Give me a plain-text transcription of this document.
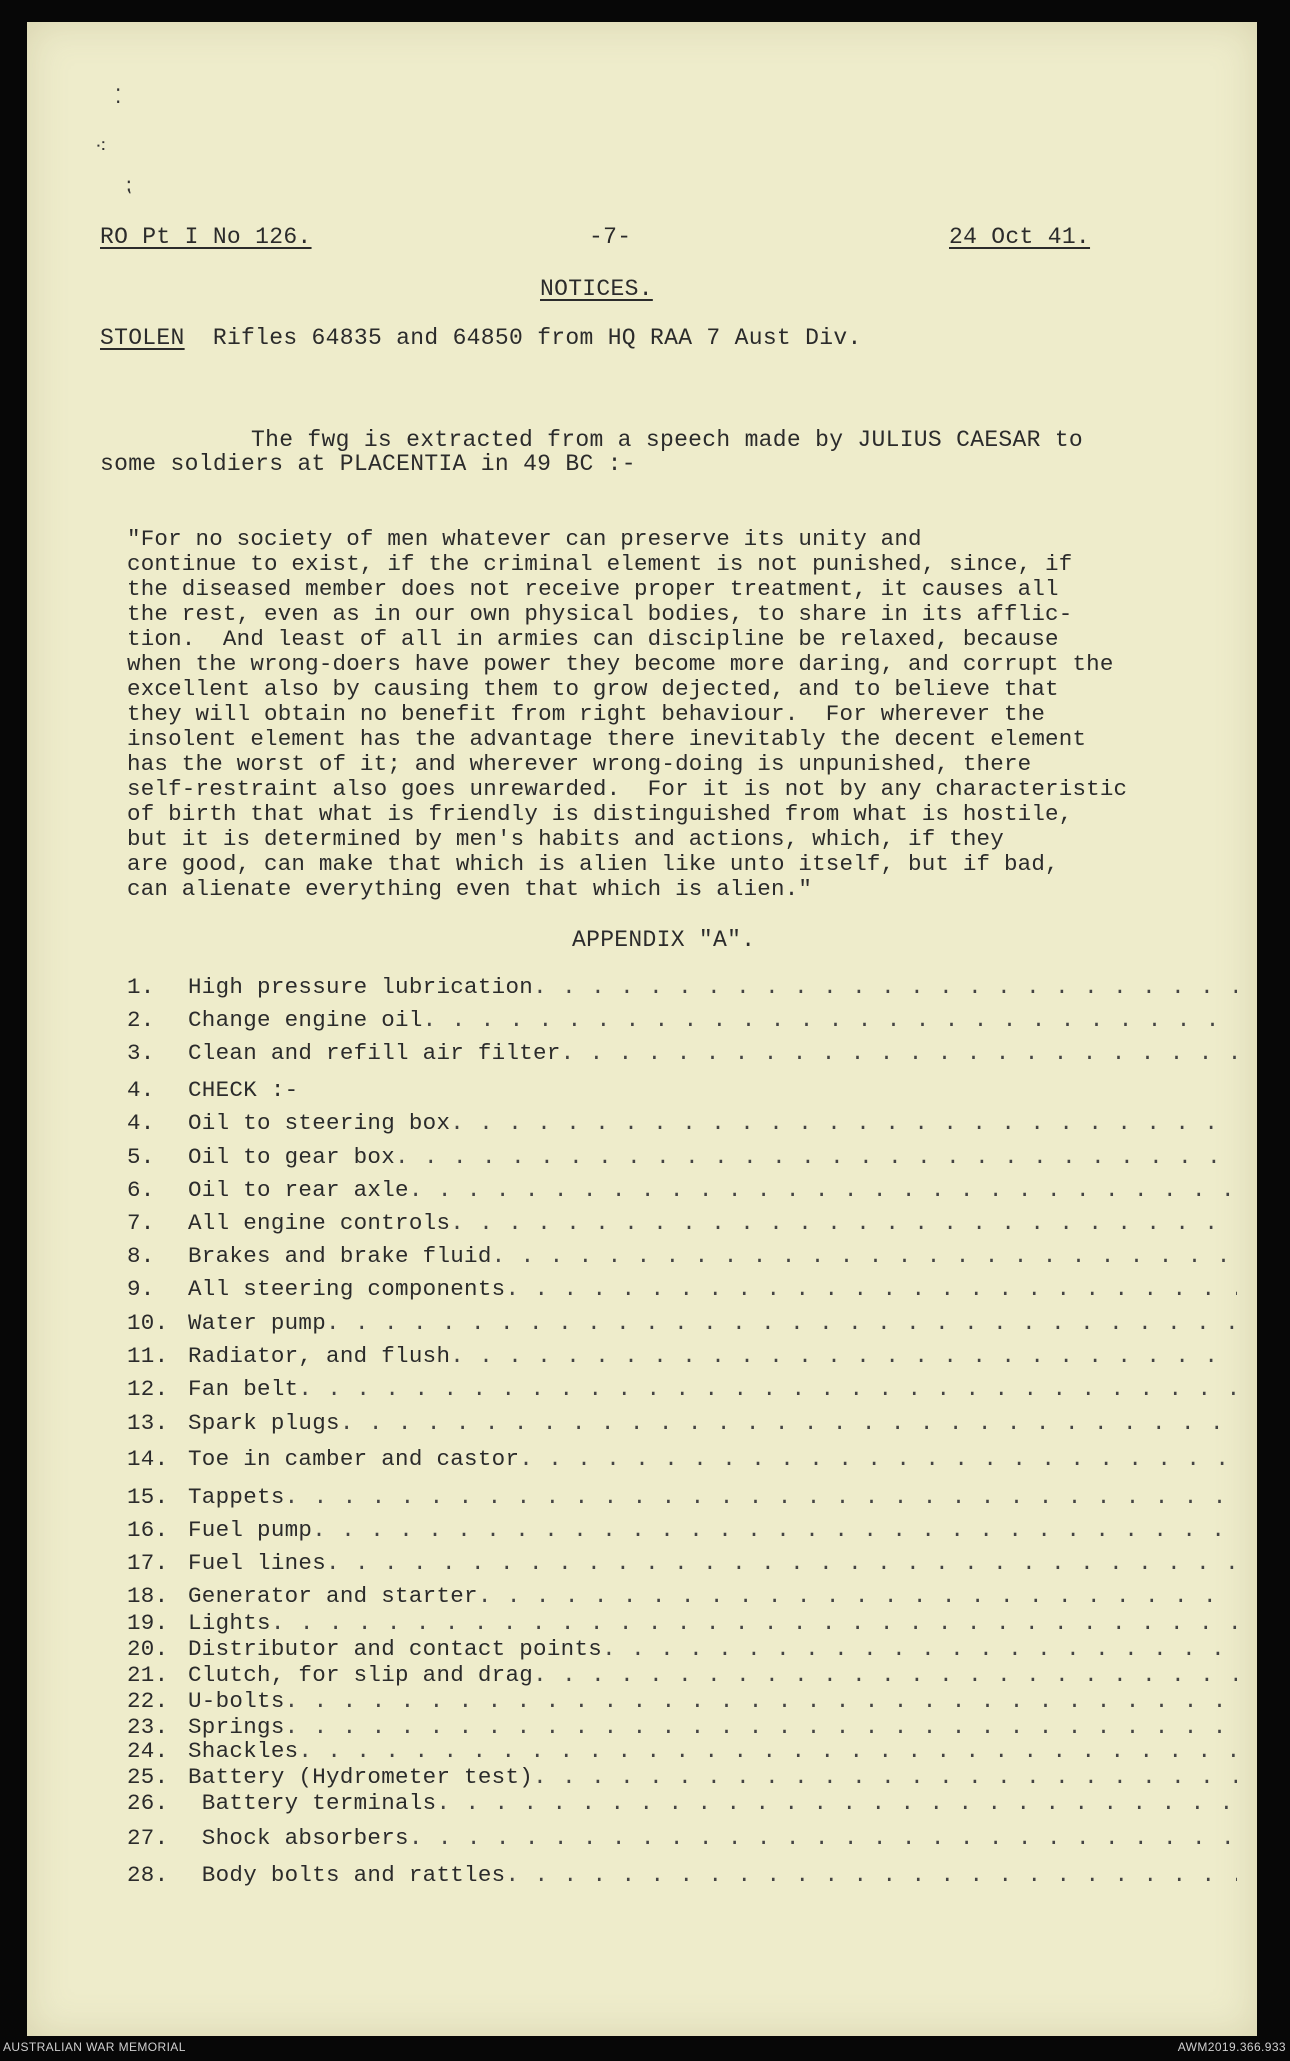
⁚
⁖
⁏
RO Pt I No 126.	-7-	24 Oct 41.
NOTICES.
STOLEN Rifles 64835 and 64850 from HQ RAA 7 Aust Div.
The fwg is extracted from a speech made by JULIUS CAESAR to
some soldiers at PLACENTIA in 49 BC :-
"For no society of men whatever can preserve its unity and
continue to exist, if the criminal element is not punished, since, if
the diseased member does not receive proper treatment, it causes all
the rest, even as in our own physical bodies, to share in its afflic-
tion.  And least of all in armies can discipline be relaxed, because
when the wrong-doers have power they become more daring, and corrupt the
excellent also by causing them to grow dejected, and to believe that
they will obtain no benefit from right behaviour.  For wherever the
insolent element has the advantage there inevitably the decent element
has the worst of it; and wherever wrong-doing is unpunished, there
self-restraint also goes unrewarded.  For it is not by any characteristic
of birth that what is friendly is distinguished from what is hostile,
but it is determined by men's habits and actions, which, if they
are good, can make that which is alien like unto itself, but if bad,
can alienate everything even that which is alien."
APPENDIX "A".
1.	High pressure lubrication
. . .
2.	Change engine oil
. . .
3.	Clean and refill air filter
. . .
4.	CHECK :-
4.	Oil to steering box
. . .
5.	Oil to gear box
. . .
6.	Oil to rear axle
. . .
7.	All engine controls
. . .
8.	Brakes and brake fluid
. . .
9.	All steering components
. . .
10. Water pump
. . .
11. Radiator, and flush
. . .
12. Fan belt
. . .
13. Spark plugs
. . .
14. Toe in camber and castor
. . .
15. Tappets
. . .
16. Fuel pump
. . .
17. Fuel lines
. . .
18. Generator and starter
. . .
19. Lights
. . .
20. Distributor and contact points
. . .
21. Clutch, for slip and drag
. . .
22. U-bolts
. . .
23. Springs
. . .
24. Shackles
. . .
25. Battery (Hydrometer test)
. . .
26. Battery terminals
. . .
27. Shock absorbers
. . .
28. Body bolts and rattles
. . .
AUSTRALIAN WAR MEMORIAL	AWM2019.366.933
